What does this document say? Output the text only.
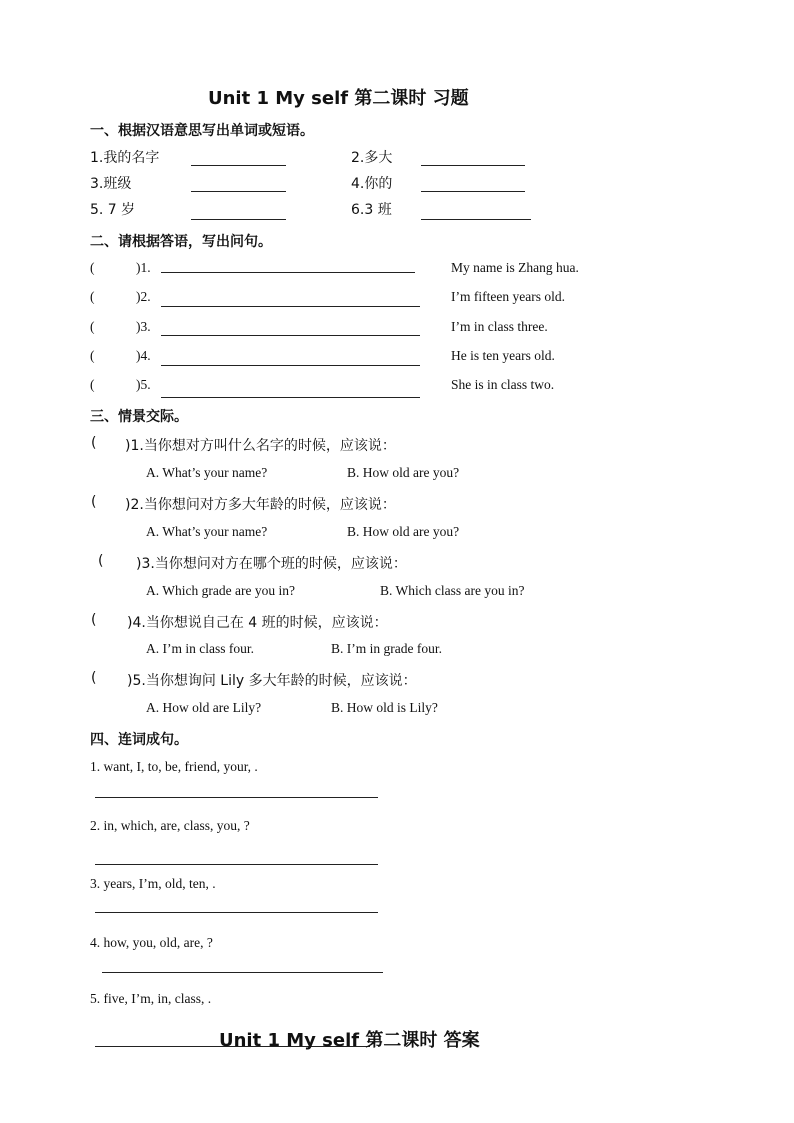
Unit 1 My self 第二课时 习题
一、根据汉语意思写出单词或短语。
1.我的名字	2.多大
3.班级	4.你的
5. 7 岁	6.3 班
二、请根据答语，写出问句。
(	)1.	My name is Zhang hua.
(	)2.	I’m fifteen years old.
(	)3.	I’m in class three.
(	)4.	He is ten years old.
(	)5.	She is in class two.
三、情景交际。
( )1.当你想对方叫什么名字的时候，应该说：
A. What’s your name?	B. How old are you?
( )2.当你想问对方多大年龄的时候，应该说：
A. What’s your name?	B. How old are you?
( )3.当你想问对方在哪个班的时候，应该说：
A. Which grade are you in?	B. Which class are you in?
( )4.当你想说自己在 4 班的时候，应该说：
A. I’m in class four.	B. I’m in grade four.
( )5.当你想询问 Lily 多大年龄的时候，应该说：
A. How old are Lily?	B. How old is Lily?
四、连词成句。
1. want, I, to, be, friend, your, .
2. in, which, are, class, you, ?
3. years, I’m, old, ten, .
4. how, you, old, are, ?
5. five, I’m, in, class, .
Unit 1 My self 第二课时 答案
